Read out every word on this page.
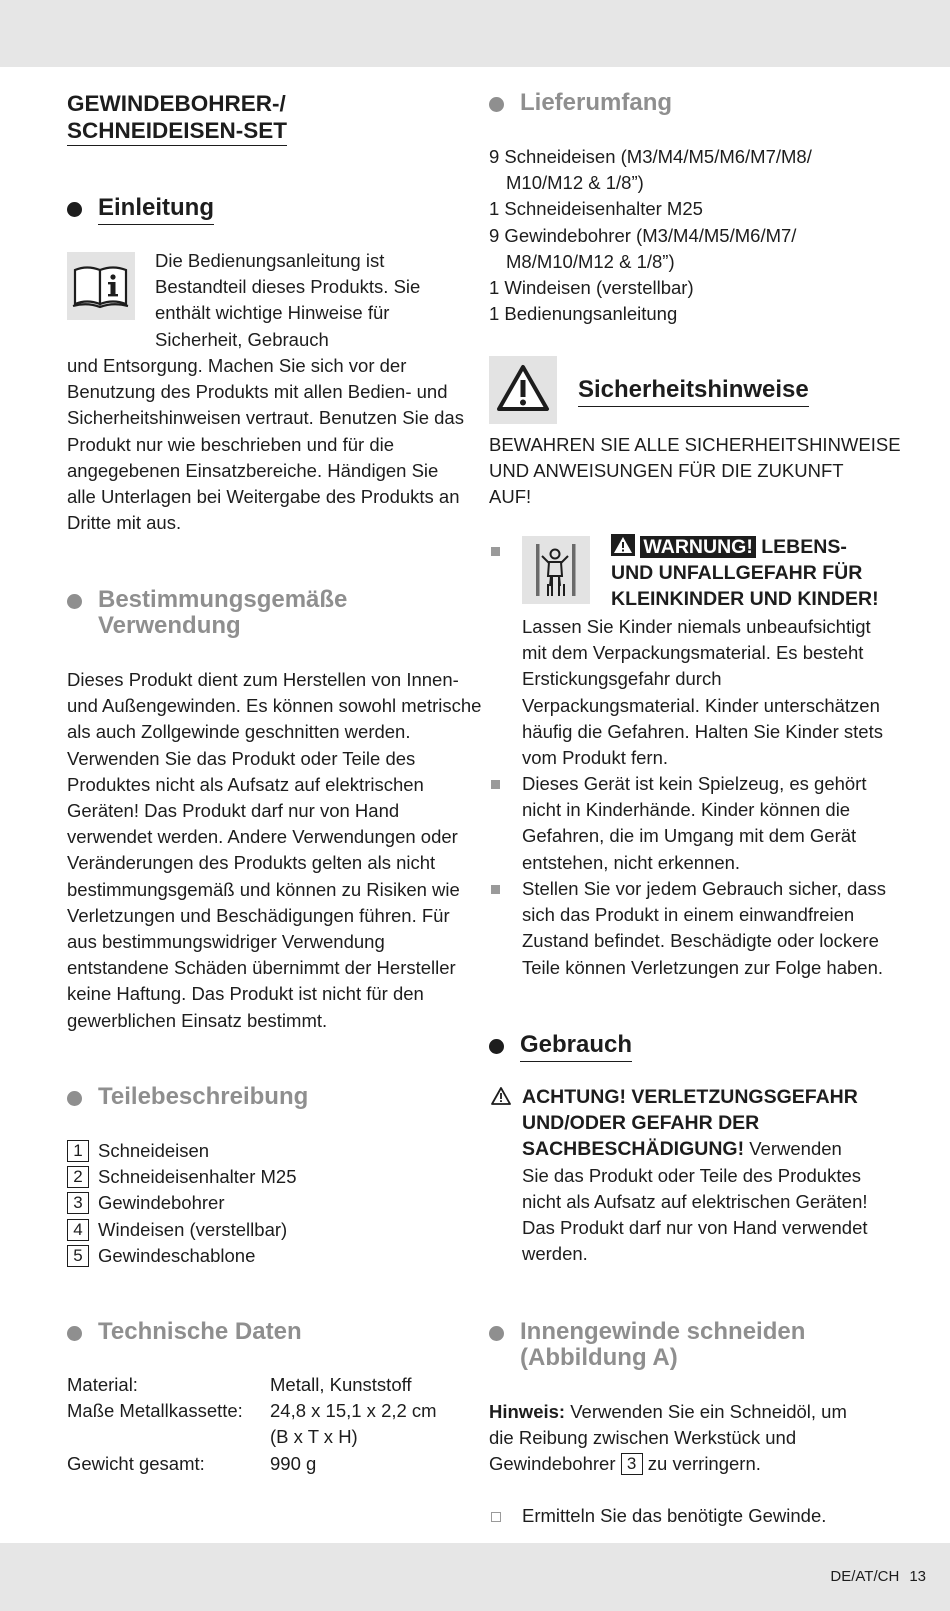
GEWINDEBOHRER-/
SCHNEIDEISEN-SET
Einleitung
Die Bedienungsanleitung ist
Bestandteil dieses Produkts. Sie
enthält wichtige Hinweise für
Sicherheit, Gebrauch
und Entsorgung. Machen Sie sich vor der
Benutzung des Produkts mit allen Bedien- und
Sicherheitshinweisen vertraut. Benutzen Sie das
Produkt nur wie beschrieben und für die
angegebenen Einsatzbereiche. Händigen Sie
alle Unterlagen bei Weitergabe des Produkts an
Dritte mit aus.
Bestimmungsgemäße
Verwendung
Dieses Produkt dient zum Herstellen von Innen-
und Außengewinden. Es können sowohl metrische
als auch Zollgewinde geschnitten werden.
Verwenden Sie das Produkt oder Teile des
Produktes nicht als Aufsatz auf elektrischen
Geräten! Das Produkt darf nur von Hand
verwendet werden. Andere Verwendungen oder
Veränderungen des Produkts gelten als nicht
bestimmungsgemäß und können zu Risiken wie
Verletzungen und Beschädigungen führen. Für
aus bestimmungswidriger Verwendung
entstandene Schäden übernimmt der Hersteller
keine Haftung. Das Produkt ist nicht für den
gewerblichen Einsatz bestimmt.
Teilebeschreibung
1 Schneideisen
2 Schneideisenhalter M25
3 Gewindebohrer
4 Windeisen (verstellbar)
5 Gewindeschablone
Technische Daten
Material:	Metall, Kunststoff
Maße Metallkassette:	24,8 x 15,1 x 2,2 cm
(B x T x H)

Gewicht gesamt:	990 g
Lieferumfang
9 Schneideisen (M3/M4/M5/M6/M7/M8/
M10/M12 & 1/8”)
1 Schneideisenhalter M25
9 Gewindebohrer (M3/M4/M5/M6/M7/
M8/M10/M12 & 1/8”)
1 Windeisen (verstellbar)
1 Bedienungsanleitung
Sicherheitshinweise
BEWAHREN SIE ALLE SICHERHEITSHINWEISE
UND ANWEISUNGEN FÜR DIE ZUKUNFT
AUF!
WARNUNG! LEBENS-
UND UNFALLGEFAHR FÜR
KLEINKINDER UND KINDER!
Lassen Sie Kinder niemals unbeaufsichtigt
mit dem Verpackungsmaterial. Es besteht
Erstickungsgefahr durch
Verpackungsmaterial. Kinder unterschätzen
häufig die Gefahren. Halten Sie Kinder stets
vom Produkt fern.
Dieses Gerät ist kein Spielzeug, es gehört
nicht in Kinderhände. Kinder können die
Gefahren, die im Umgang mit dem Gerät
entstehen, nicht erkennen.
Stellen Sie vor jedem Gebrauch sicher, dass
sich das Produkt in einem einwandfreien
Zustand befindet. Beschädigte oder lockere
Teile können Verletzungen zur Folge haben.
Gebrauch
ACHTUNG! VERLETZUNGSGEFAHR
UND/ODER GEFAHR DER
SACHBESCHÄDIGUNG! Verwenden
Sie das Produkt oder Teile des Produktes
nicht als Aufsatz auf elektrischen Geräten!
Das Produkt darf nur von Hand verwendet
werden.
Innengewinde schneiden
(Abbildung A)
Hinweis: Verwenden Sie ein Schneidöl, um
die Reibung zwischen Werkstück und
Gewindebohrer 3 zu verringern.
Ermitteln Sie das benötigte Gewinde.
DE/AT/CH 13
